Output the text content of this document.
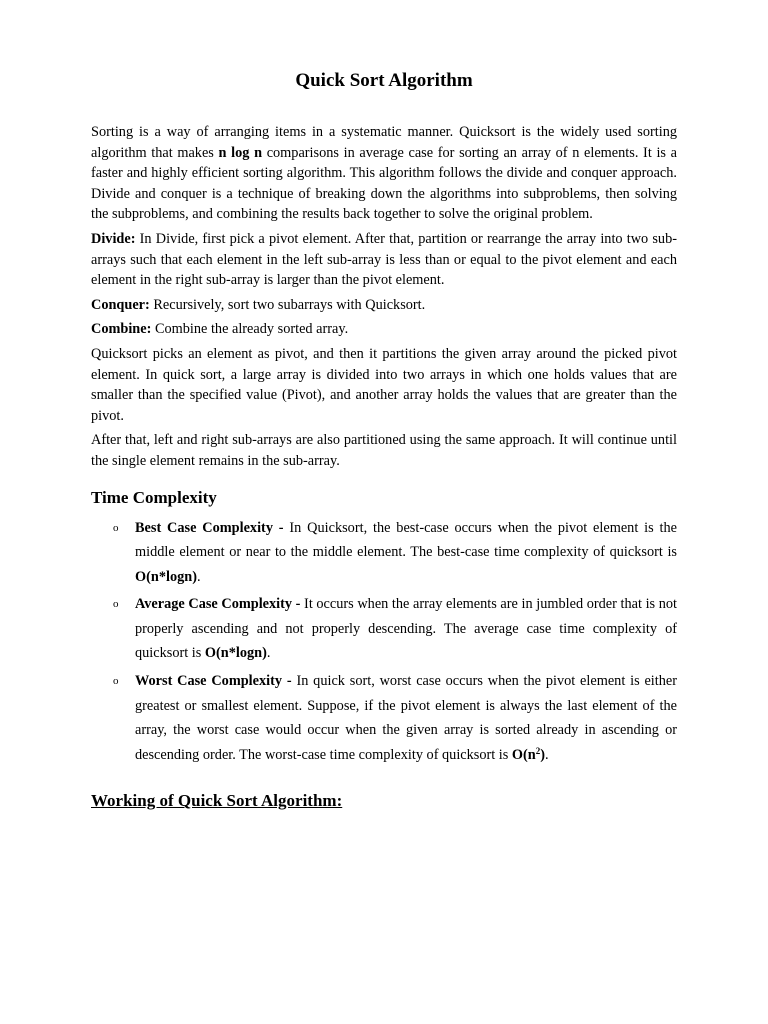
Quick Sort Algorithm

Sorting is a way of arranging items in a systematic manner. Quicksort is the widely used sorting algorithm that makes n log n comparisons in average case for sorting an array of n elements. It is a faster and highly efficient sorting algorithm. This algorithm follows the divide and conquer approach. Divide and conquer is a technique of breaking down the algorithms into subproblems, then solving the subproblems, and combining the results back together to solve the original problem.

Divide: In Divide, first pick a pivot element. After that, partition or rearrange the array into two sub-arrays such that each element in the left sub-array is less than or equal to the pivot element and each element in the right sub-array is larger than the pivot element.

Conquer: Recursively, sort two subarrays with Quicksort.

Combine: Combine the already sorted array.

Quicksort picks an element as pivot, and then it partitions the given array around the picked pivot element. In quick sort, a large array is divided into two arrays in which one holds values that are smaller than the specified value (Pivot), and another array holds the values that are greater than the pivot.

After that, left and right sub-arrays are also partitioned using the same approach. It will continue until the single element remains in the sub-array.

Time Complexity
o Best Case Complexity - In Quicksort, the best-case occurs when the pivot element is the middle element or near to the middle element. The best-case time complexity of quicksort is O(n*logn).
o Average Case Complexity - It occurs when the array elements are in jumbled order that is not properly ascending and not properly descending. The average case time complexity of quicksort is O(n*logn).
o Worst Case Complexity - In quick sort, worst case occurs when the pivot element is either greatest or smallest element. Suppose, if the pivot element is always the last element of the array, the worst case would occur when the given array is sorted already in ascending or descending order. The worst-case time complexity of quicksort is $O(n^2)$.
Working of Quick Sort Algorithm:
